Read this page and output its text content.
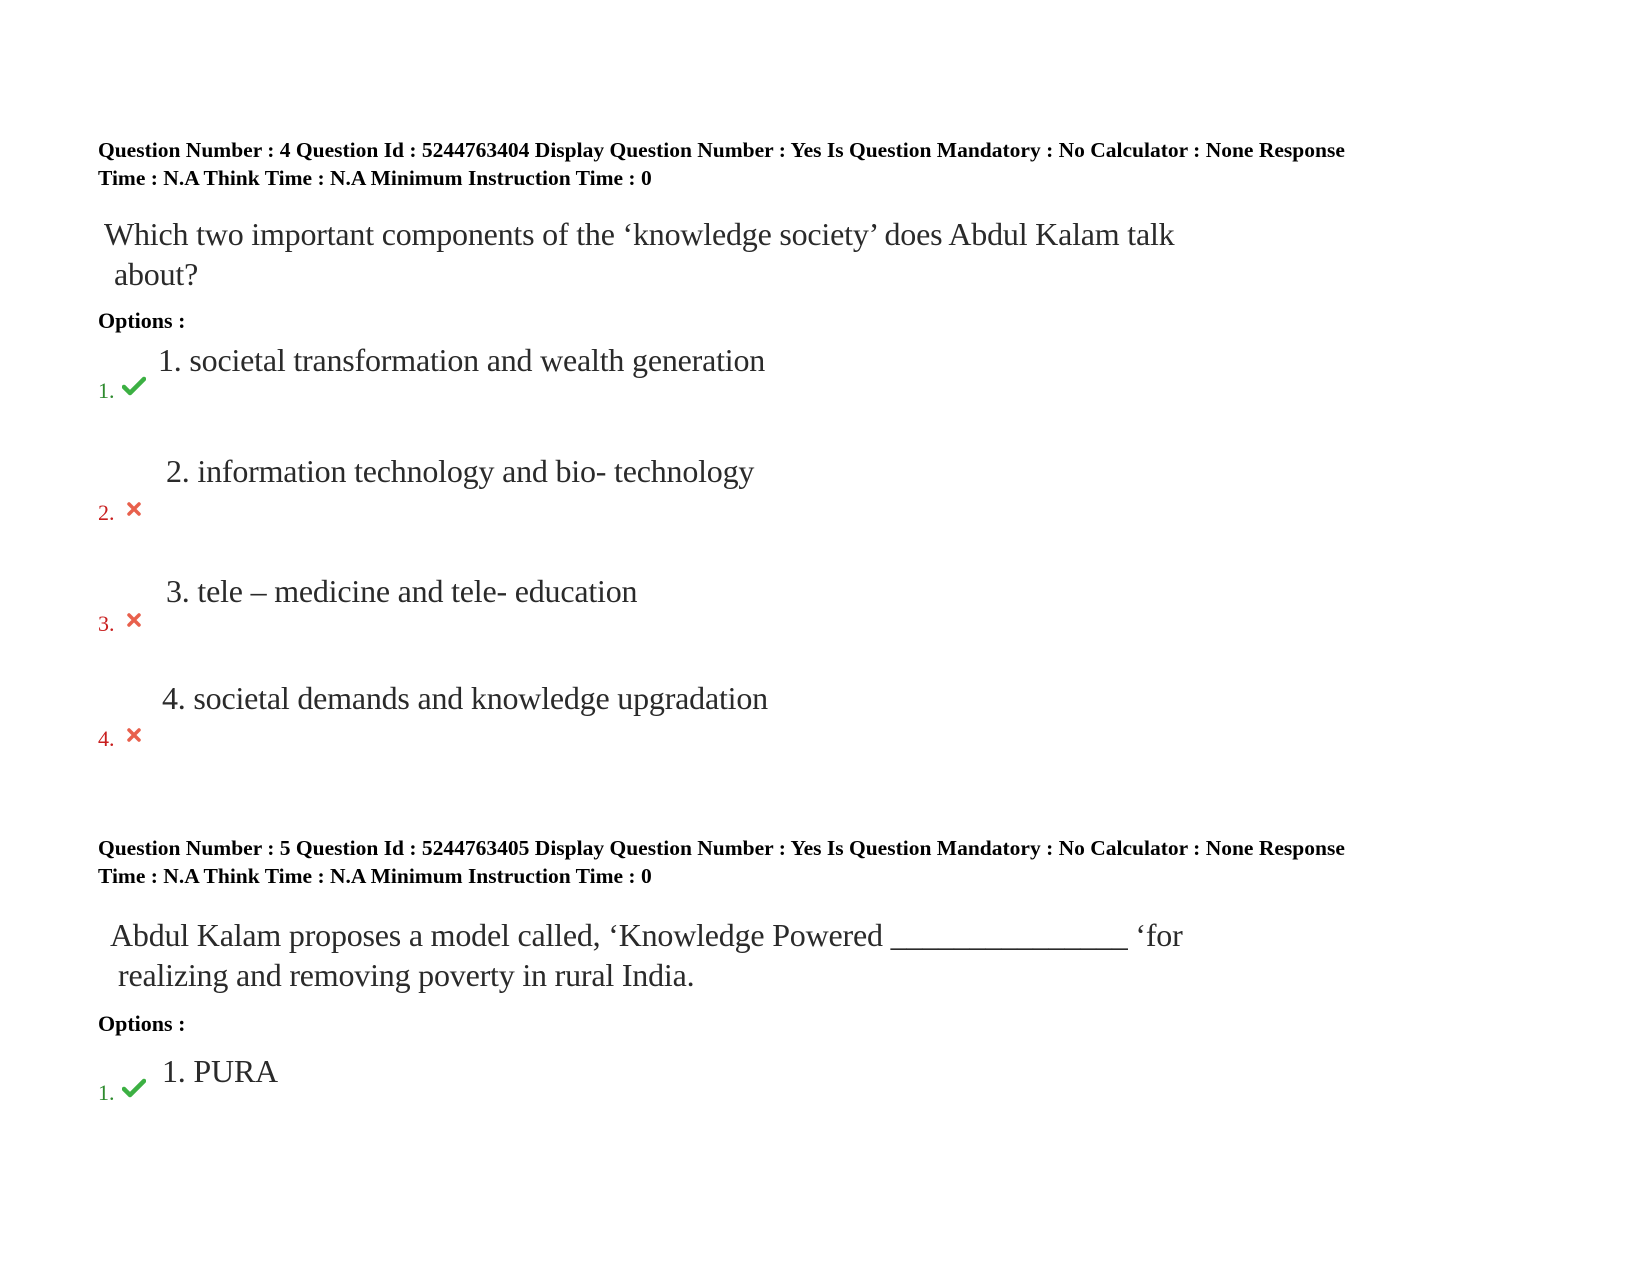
Question Number : 4 Question Id : 5244763404 Display Question Number : Yes Is Question Mandatory : No Calculator : None Response
Time : N.A Think Time : N.A Minimum Instruction Time : 0
Which two important components of the ‘knowledge society’ does Abdul Kalam talk
about?
Options :
1. societal transformation and wealth generation
1.
2. information technology and bio- technology
2.
3. tele – medicine and tele- education
3.
4. societal demands and knowledge upgradation
4.
Question Number : 5 Question Id : 5244763405 Display Question Number : Yes Is Question Mandatory : No Calculator : None Response
Time : N.A Think Time : N.A Minimum Instruction Time : 0
Abdul Kalam proposes a model called, ‘Knowledge Powered _______________ ‘for
realizing and removing poverty in rural India.
Options :
1. PURA
1.
